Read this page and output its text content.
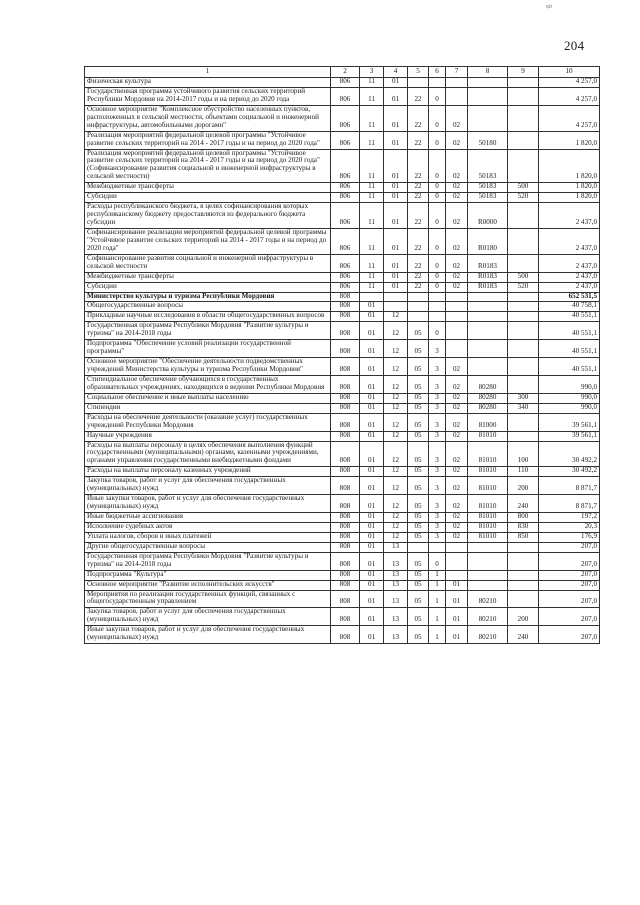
ꝏ
204
1	2	3	4	5	6	7	8	9	10
Физическая культура	806	11	01						4 257,0
Государственная программа устойчивого развития сельских территорий Республики Мордовия на 2014-2017 годы и на период до 2020 года	806	11	01	22	0				4 257,0
Основное мероприятие "Комплексное обустройство населенных пунктов, расположенных в сельской местности, объектами социальной и инженерной инфраструктуры, автомобильными дорогами"	806	11	01	22	0	02			4 257,0
Реализация мероприятий федеральной целевой программы "Устойчивое развитие сельских территорий на 2014 - 2017 годы и на период до 2020 года"	806	11	01	22	0	02	50180		1 820,0
Реализация мероприятий федеральной целевой программы "Устойчивое развитие сельских территорий на 2014 - 2017 годы и на период до 2020 года" (Софинансирование развития социальной и инженерной инфраструктуры в сельской местности)	806	11	01	22	0	02	50183		1 820,0
Межбюджетные трансферты	806	11	01	22	0	02	50183	500	1 820,0
Субсидии	806	11	01	22	0	02	50183	520	1 820,0
Расходы республиканского бюджета, в целях софинансирования которых республиканскому бюджету предоставляются из федерального бюджета субсидии	806	11	01	22	0	02	R0000		2 437,0
Софинансирование реализации мероприятий федеральной целевой программы "Устойчивое развитие сельских территорий на 2014 - 2017 годы и на период до 2020 года"	806	11	01	22	0	02	R0180		2 437,0
Софинансирование развития социальной и инженерной инфраструктуры в сельской местности	806	11	01	22	0	02	R0183		2 437,0
Межбюджетные трансферты	806	11	01	22	0	02	R0183	500	2 437,0
Субсидии	806	11	01	22	0	02	R0183	520	2 437,0
Министерство культуры и туризма Республики Мордовия	808								652 531,5
Общегосударственные вопросы	808	01							40 758,1
Прикладные научные исследования в области общегосударственных вопросов	808	01	12						40 551,1
Государственная программа Республики Мордовия "Развитие культуры и туризма" на 2014-2018 годы	808	01	12	05	0				40 551,1
Подпрограмма "Обеспечение условий реализации государственной программы"	808	01	12	05	3				40 551,1
Основное мероприятие "Обеспечение деятельности подведомственных учреждений Министерства культуры и туризма Республики Мордовия"	808	01	12	05	3	02			40 551,1
Стипендиальное обеспечение обучающихся в государственных образовательных учреждениях, находящихся в ведении Республики Мордовия	808	01	12	05	3	02	80280		990,0
Социальное обеспечение и иные выплаты населению	808	01	12	05	3	02	80280	300	990,0
Стипендии	808	01	12	05	3	02	80280	340	990,0
Расходы на обеспечение деятельности (оказание услуг) государственных учреждений Республики Мордовия	808	01	12	05	3	02	81000		39 561,1
Научные учреждения	808	01	12	05	3	02	81010		39 561,1
Расходы на выплаты персоналу в целях обеспечения выполнения функций государственными (муниципальными) органами, казенными учреждениями, органами управления государственными внебюджетными фондами	808	01	12	05	3	02	81010	100	30 492,2
Расходы на выплаты персоналу казенных учреждений	808	01	12	05	3	02	81010	110	30 492,2
Закупка товаров, работ и услуг для обеспечения государственных (муниципальных) нужд	808	01	12	05	3	02	81010	200	8 871,7
Иные закупки товаров, работ и услуг для обеспечения государственных (муниципальных) нужд	808	01	12	05	3	02	81010	240	8 871,7
Иные бюджетные ассигнования	808	01	12	05	3	02	81010	800	197,2
Исполнение судебных актов	808	01	12	05	3	02	81010	830	20,3
Уплата налогов, сборов и иных платежей	808	01	12	05	3	02	81010	850	176,9
Другие общегосударственные вопросы	808	01	13						207,0
Государственная программа Республики Мордовия "Развитие культуры и туризма" на 2014-2018 годы	808	01	13	05	0				207,0
Подпрограмма "Культура"	808	01	13	05	1				207,0
Основное мероприятие "Развитие исполнительских искусств"	808	01	13	05	1	01			207,0
Мероприятия по реализации государственных функций, связанных с общегосударственным управлением	808	01	13	05	1	01	80210		207,0
Закупка товаров, работ и услуг для обеспечения государственных (муниципальных) нужд	808	01	13	05	1	01	80210	200	207,0
Иные закупки товаров, работ и услуг для обеспечения государственных (муниципальных) нужд	808	01	13	05	1	01	80210	240	207,0
